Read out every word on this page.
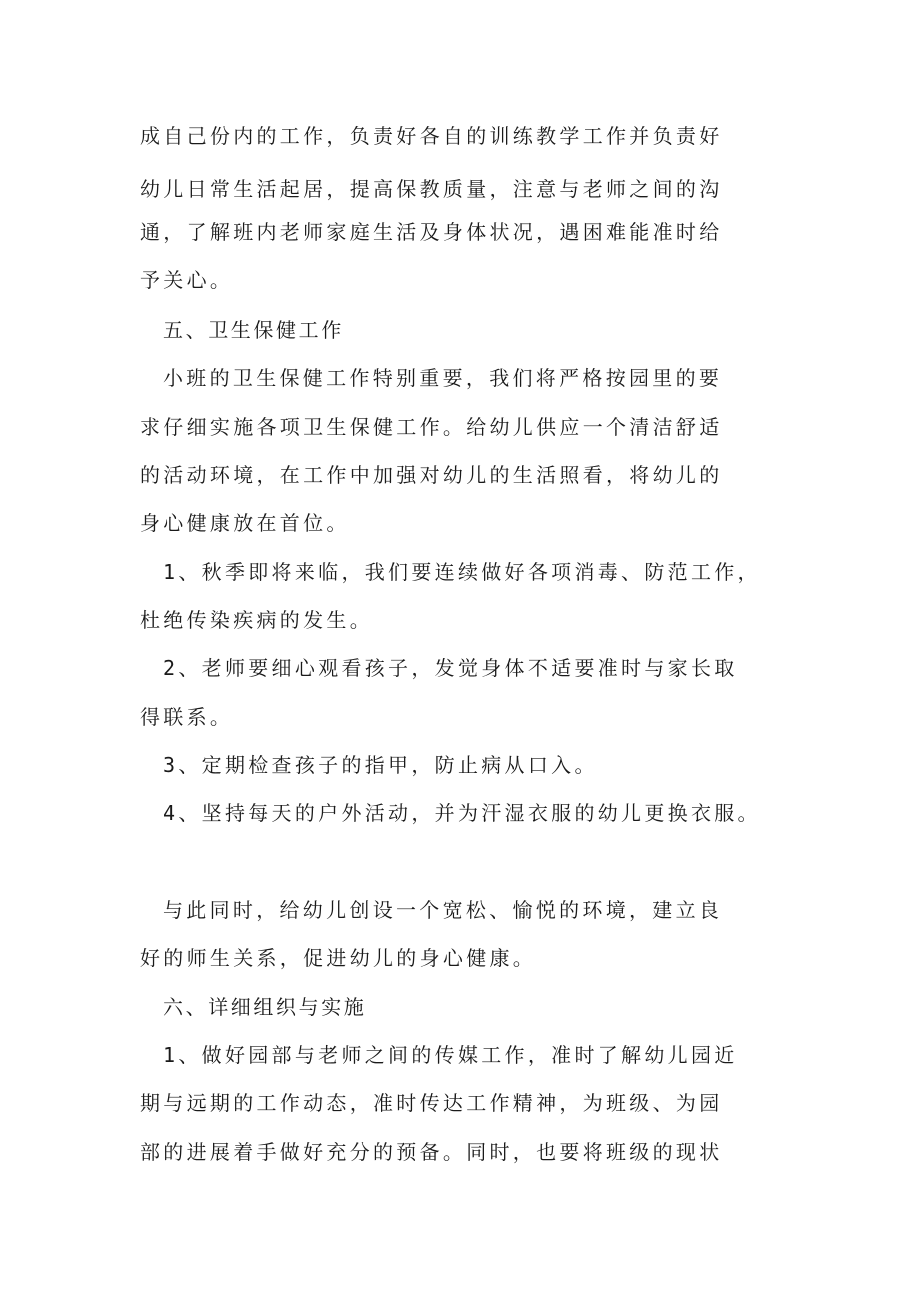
成自己份内的工作，负责好各自的训练教学工作并负责好

幼儿日常生活起居，提高保教质量，注意与老师之间的沟

通，了解班内老师家庭生活及身体状况，遇困难能准时给

予关心。

五、卫生保健工作

小班的卫生保健工作特别重要，我们将严格按园里的要

求仔细实施各项卫生保健工作。给幼儿供应一个清洁舒适

的活动环境，在工作中加强对幼儿的生活照看，将幼儿的

身心健康放在首位。

1、秋季即将来临，我们要连续做好各项消毒、防范工作，

杜绝传染疾病的发生。

2、老师要细心观看孩子，发觉身体不适要准时与家长取

得联系。

3、定期检查孩子的指甲，防止病从口入。

4、坚持每天的户外活动，并为汗湿衣服的幼儿更换衣服。

与此同时，给幼儿创设一个宽松、愉悦的环境，建立良

好的师生关系，促进幼儿的身心健康。

六、详细组织与实施

1、做好园部与老师之间的传媒工作，准时了解幼儿园近

期与远期的工作动态，准时传达工作精神，为班级、为园

部的进展着手做好充分的预备。同时，也要将班级的现状
